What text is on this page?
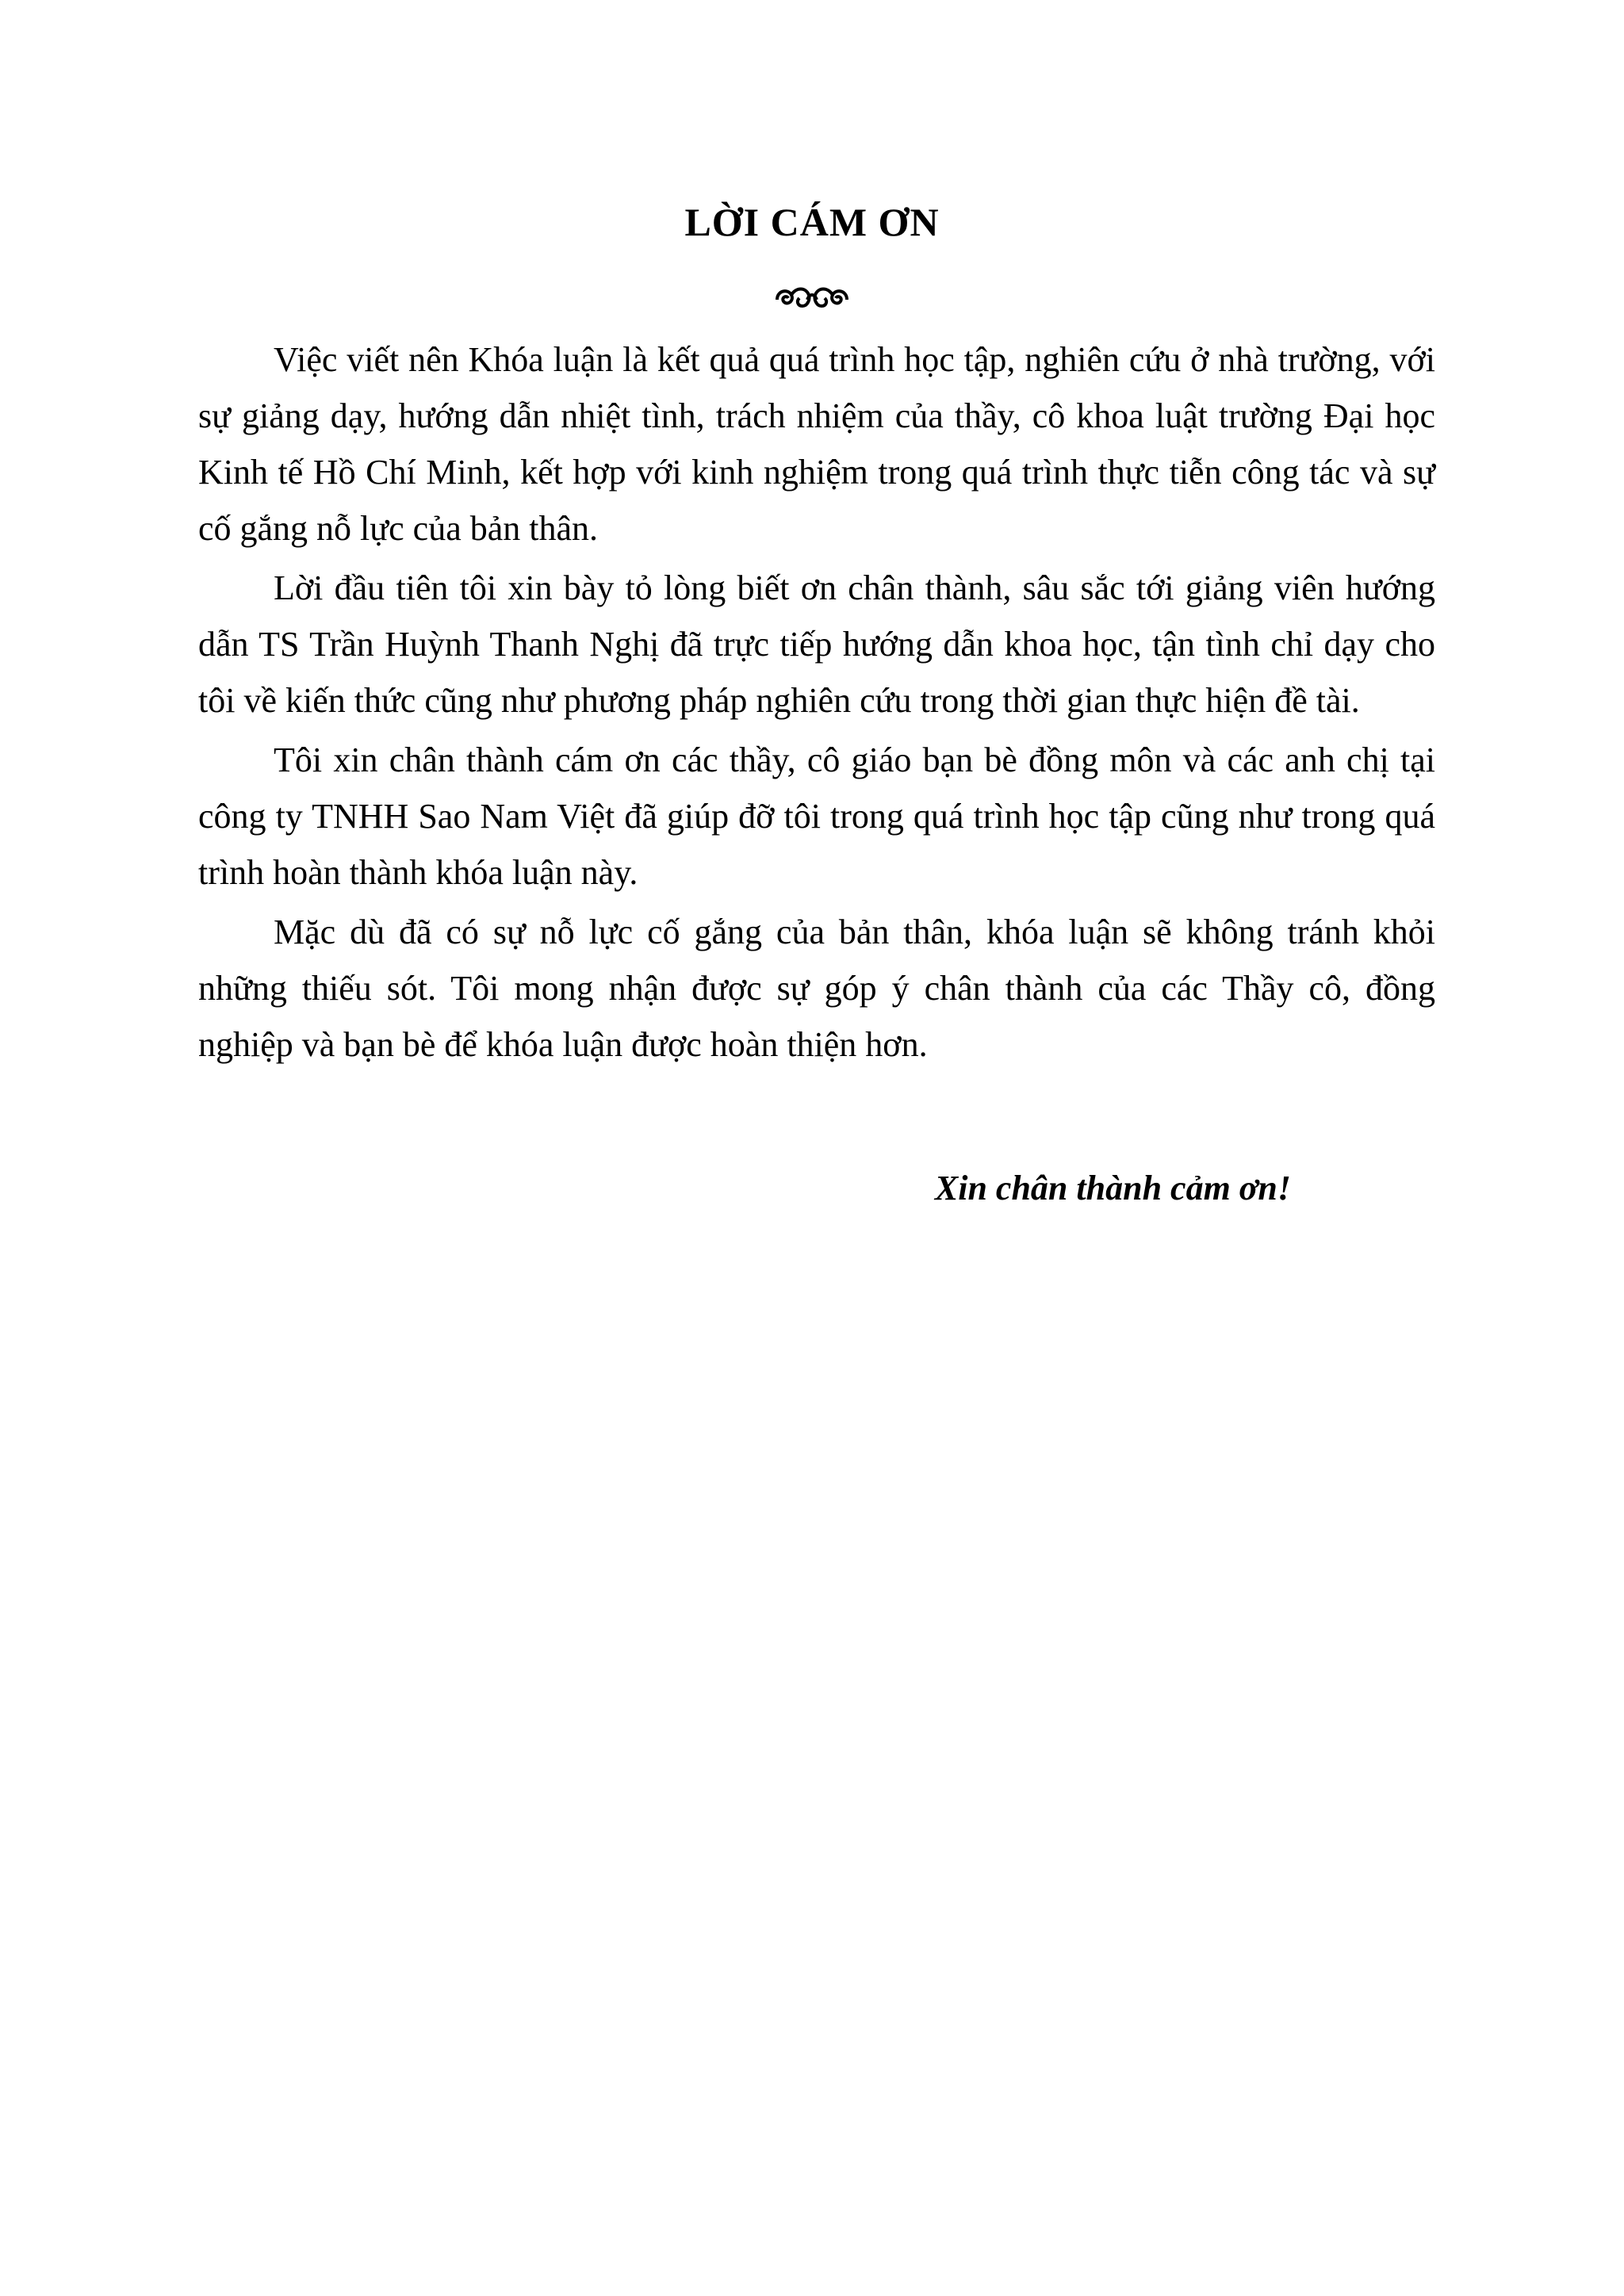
LỜI CÁM ƠN

Việc viết nên Khóa luận là kết quả quá trình học tập, nghiên cứu ở nhà trường, với sự giảng dạy, hướng dẫn nhiệt tình, trách nhiệm của thầy, cô khoa luật trường Đại học Kinh tế Hồ Chí Minh, kết hợp với kinh nghiệm trong quá trình thực tiễn công tác và sự cố gắng nỗ lực của bản thân.

Lời đầu tiên tôi xin bày tỏ lòng biết ơn chân thành, sâu sắc tới giảng viên hướng dẫn TS Trần Huỳnh Thanh Nghị đã trực tiếp hướng dẫn khoa học, tận tình chỉ dạy cho tôi về kiến thức cũng như phương pháp nghiên cứu trong thời gian thực hiện đề tài.

Tôi xin chân thành cám ơn các thầy, cô giáo bạn bè đồng môn và các anh chị tại công ty TNHH Sao Nam Việt đã giúp đỡ tôi trong quá trình học tập cũng như trong quá trình hoàn thành khóa luận này.

Mặc dù đã có sự nỗ lực cố gắng của bản thân, khóa luận sẽ không tránh khỏi những thiếu sót. Tôi mong nhận được sự góp ý chân thành của các Thầy cô, đồng nghiệp và bạn bè để khóa luận được hoàn thiện hơn.

Xin chân thành cảm ơn!
